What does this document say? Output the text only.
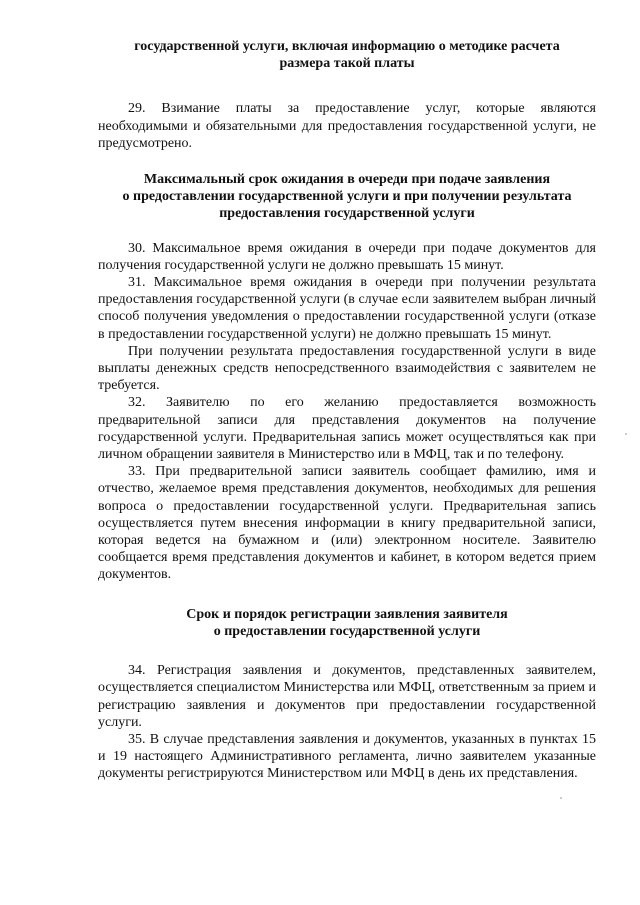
государственной услуги, включая информацию о методике расчета
размера такой платы

29. Взимание платы за предоставление услуг, которые являются необходимыми и обязательными для предоставления государственной услуги, не предусмотрено.

Максимальный срок ожидания в очереди при подаче заявления
о предоставлении государственной услуги и при получении результата
предоставления государственной услуги

30. Максимальное время ожидания в очереди при подаче документов для получения государственной услуги не должно превышать 15 минут.

31. Максимальное время ожидания в очереди при получении результата предоставления государственной услуги (в случае если заявителем выбран личный способ получения уведомления о предоставлении государственной услуги (отказе в предоставлении государственной услуги) не должно превышать 15 минут.

При получении результата предоставления государственной услуги в виде выплаты денежных средств непосредственного взаимодействия с заявителем не требуется.

32. Заявителю по его желанию предоставляется возможность предварительной записи для представления документов на получение государственной услуги. Предварительная запись может осуществляться как при личном обращении заявителя в Министерство или в МФЦ, так и по телефону.

33. При предварительной записи заявитель сообщает фамилию, имя и отчество, желаемое время представления документов, необходимых для решения вопроса о предоставлении государственной услуги. Предварительная запись осуществляется путем внесения информации в книгу предварительной записи, которая ведется на бумажном и (или) электронном носителе. Заявителю сообщается время представления документов и кабинет, в котором ведется прием документов.

Срок и порядок регистрации заявления заявителя
о предоставлении государственной услуги

34. Регистрация заявления и документов, представленных заявителем, осуществляется специалистом Министерства или МФЦ, ответственным за прием и регистрацию заявления и документов при предоставлении государственной услуги.

35. В случае представления заявления и документов, указанных в пунктах 15 и 19 настоящего Административного регламента, лично заявителем указанные документы регистрируются Министерством или МФЦ в день их представления.
